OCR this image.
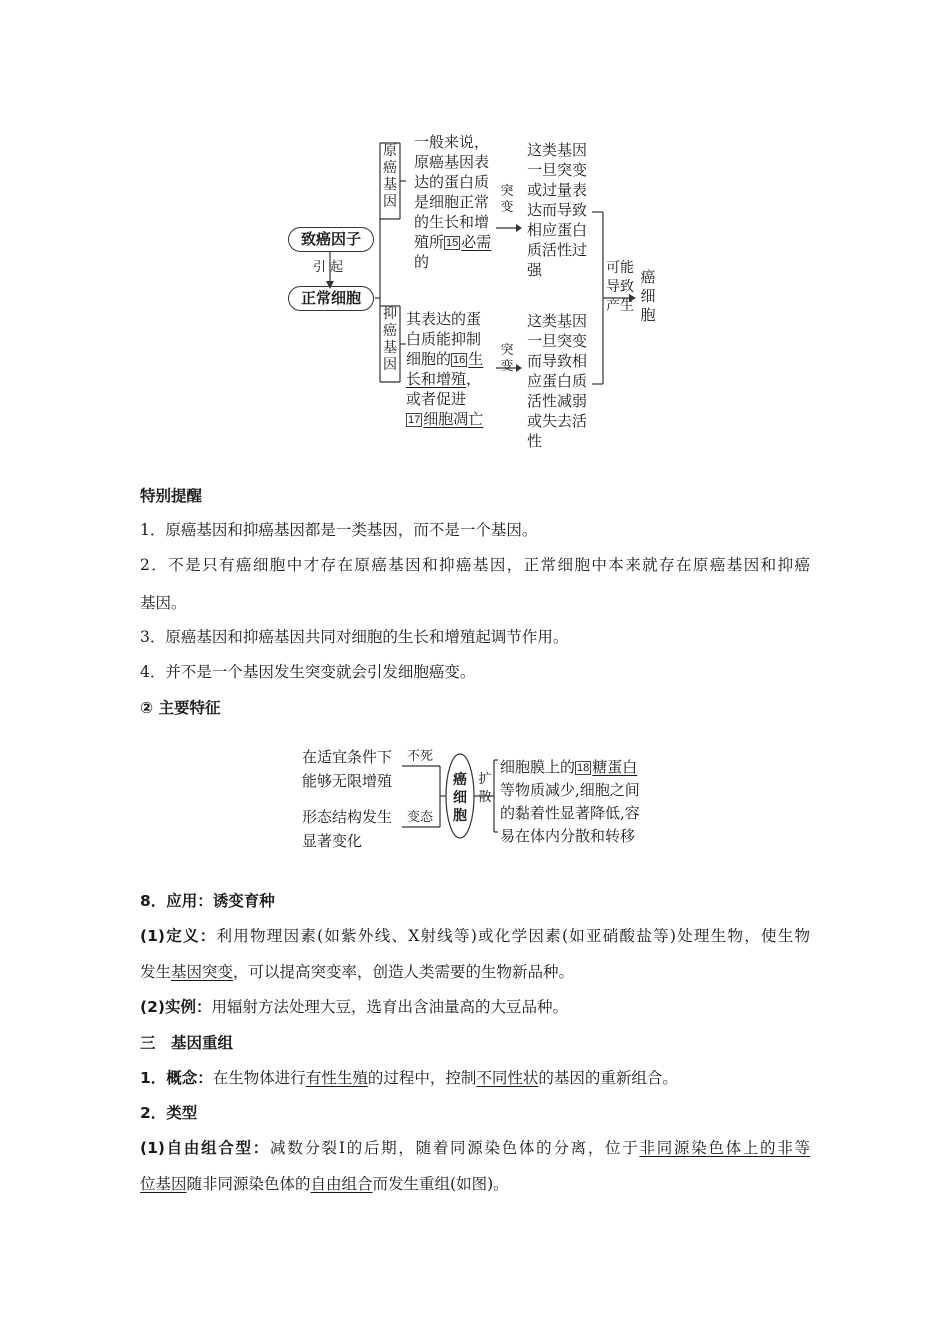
致癌因子
引 起
正常细胞
原癌基因
抑癌基因
一般来说，
原癌基因表
达的蛋白质
是细胞正常
的生长和增
殖所 15 必需
的
突
变
这类基因
一旦突变
或过量表
达而导致
相应蛋白
质活性过
强
其表达的蛋
白质能抑制
细胞的 16 生
长和增殖，
或者促进
17 细胞凋亡
突
变
这类基因
一旦突变
而导致相
应蛋白质
活性减弱
或失去活
性
可能
导致
产生
癌
细
胞
特别提醒
1．原癌基因和抑癌基因都是一类基因，而不是一个基因。
2．不是只有癌细胞中才存在原癌基因和抑癌基因，正常细胞中本来就存在原癌基因和抑癌
基因。
3．原癌基因和抑癌基因共同对细胞的生长和增殖起调节作用。
4．并不是一个基因发生突变就会引发细胞癌变。
② 主要特征
在适宜条件下
能够无限增殖
不死
形态结构发生
显著变化
变态
癌
细
胞
扩
散
细胞膜上的 18 糖蛋白
等物质减少,细胞之间
的黏着性显著降低,容
易在体内分散和转移
8．应用：诱变育种
(1)定义：利用物理因素(如紫外线、X射线等)或化学因素(如亚硝酸盐等)处理生物，使生物
发生基因突变，可以提高突变率，创造人类需要的生物新品种。
(2)实例：用辐射方法处理大豆，选育出含油量高的大豆品种。
三　基因重组
1．概念：在生物体进行有性生殖的过程中，控制不同性状的基因的重新组合。
2．类型
(1)自由组合型：减数分裂Ⅰ的后期，随着同源染色体的分离，位于非同源染色体上的非等
位基因随非同源染色体的自由组合而发生重组(如图)。
